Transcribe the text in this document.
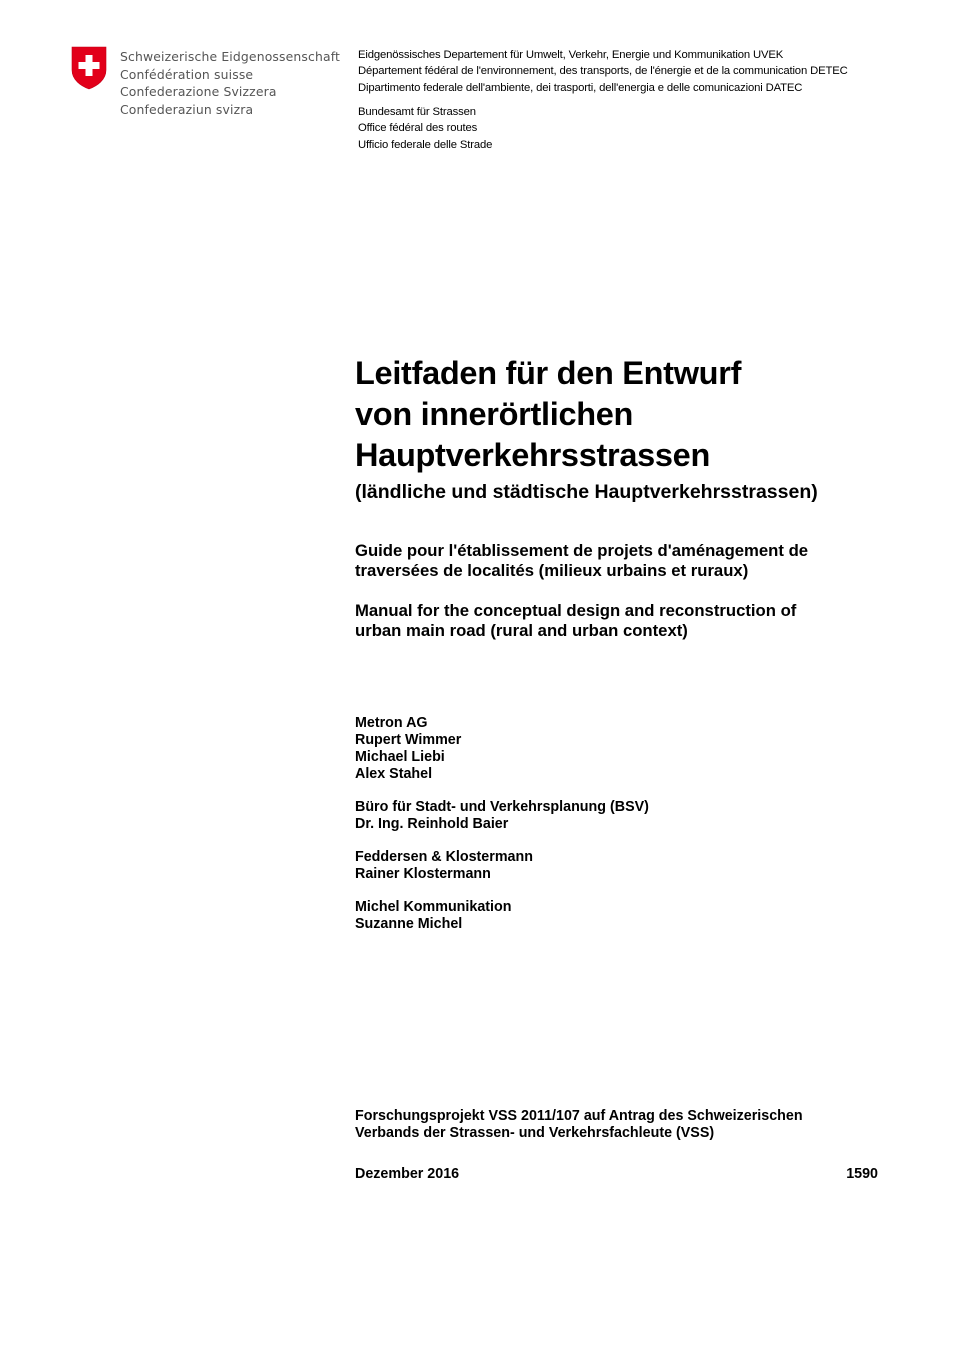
Schweizerische Eidgenossenschaft
Confédération suisse
Confederazione Svizzera
Confederaziun svizra
Eidgenössisches Departement für Umwelt, Verkehr, Energie und Kommunikation UVEK
Département fédéral de l'environnement, des transports, de l'énergie et de la communication DETEC
Dipartimento federale dell'ambiente, dei trasporti, dell'energia e delle comunicazioni DATEC
Bundesamt für Strassen
Office fédéral des routes
Ufficio federale delle Strade
Leitfaden für den Entwurf
von innerörtlichen
Hauptverkehrsstrassen
(ländliche und städtische Hauptverkehrsstrassen)
Guide pour l'établissement de projets d'aménagement de
traversées de localités (milieux urbains et ruraux)
Manual for the conceptual design and reconstruction of
urban main road (rural and urban context)
Metron AG
Rupert Wimmer
Michael Liebi
Alex Stahel
Büro für Stadt- und Verkehrsplanung (BSV)
Dr. Ing. Reinhold Baier
Feddersen & Klostermann
Rainer Klostermann
Michel Kommunikation
Suzanne Michel
Forschungsprojekt VSS 2011/107 auf Antrag des Schweizerischen
Verbands der Strassen- und Verkehrsfachleute (VSS)
Dezember 2016	1590
